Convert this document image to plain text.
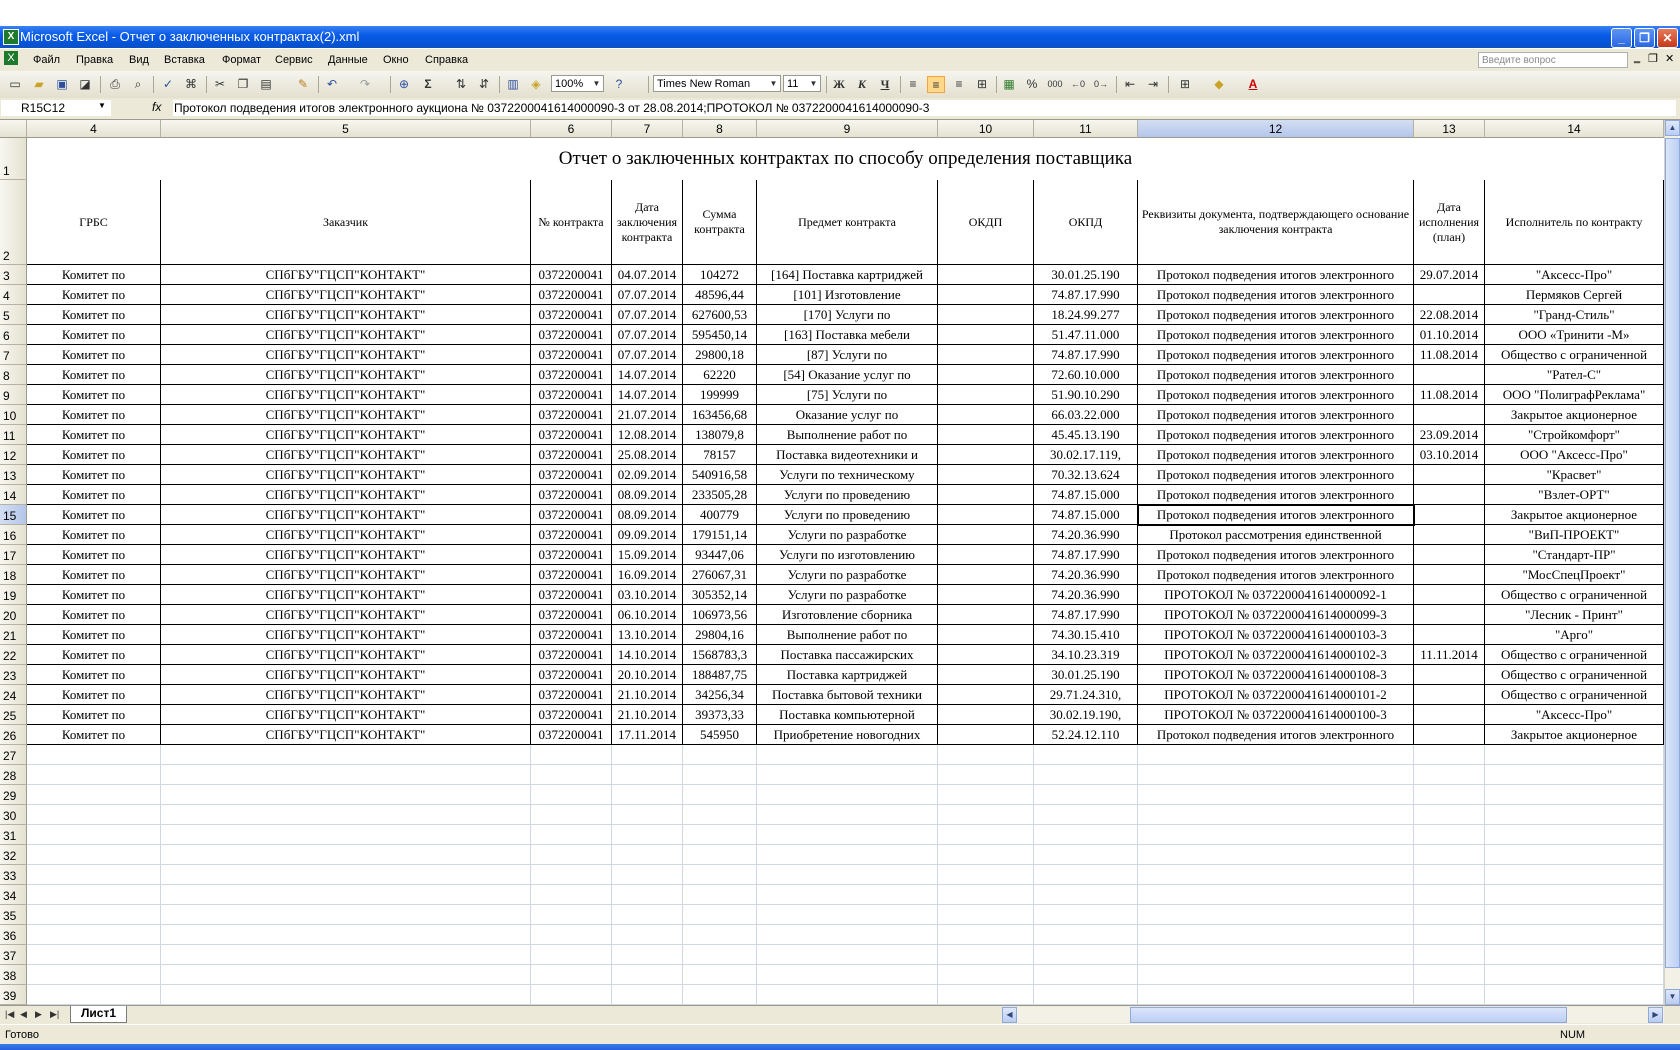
X Microsoft Excel - Отчет о заключенных контрактах(2).xml	_	❐	✕
X	Файл Правка Вид Вставка Формат Сервис Данные Окно Справка	Введите вопрос	‗ ❐ ✕
▭	▰	▣ ◪	⎙	⌕	✓ ⌘	✂	❐ ▤	✎	↶	↷	⊕	Σ	⇅	⇵	▥	◈	100% ▼	?	Times New Roman ▼ 11 ▼ Ж	К	Ч	≡	≡	≡	⊞	▦ %	000 ←0 0→	⇤	⇥	⊞	◆	A
R15C12	▼	fx Протокол подведения итогов электронного аукциона № 0372200041614000090-3 от 28.08.2014;ПРОТОКОЛ № 0372200041614000090-3
4	5	6	7	8	9	10	11	12	13	14
1
2
3
4
5
6
7
8
9
10
11
12
13
14
15
16
17
18
19
20
21
22
23
24
25
26
27
28
29
30
31
32
33
34
35
36
37
38
39
ГРБС	Заказчик	№ контракта
Дата заключения контракта
Сумма контракта
Предмет контракта	ОКДП	ОКПД
Реквизиты документа, подтверждающего основание заключения контракта
Дата исполнения (план)
Исполнитель по контракту
Комитет по	СПбГБУ"ГЦСП"КОНТАКТ"	0372200041	04.07.2014	104272	[164] Поставка картриджей	30.01.25.190	Протокол подведения итогов электронного	29.07.2014	"Аксесс-Про"
Комитет по	СПбГБУ"ГЦСП"КОНТАКТ"	0372200041	07.07.2014	48596,44	[101] Изготовление	74.87.17.990	Протокол подведения итогов электронного	Пермяков Сергей
Комитет по	СПбГБУ"ГЦСП"КОНТАКТ"	0372200041	07.07.2014	627600,53	[170] Услуги по	18.24.99.277	Протокол подведения итогов электронного	22.08.2014	"Гранд-Стиль"
Комитет по	СПбГБУ"ГЦСП"КОНТАКТ"	0372200041	07.07.2014	595450,14	[163] Поставка мебели	51.47.11.000	Протокол подведения итогов электронного	01.10.2014	ООО «Тринити -М»
Комитет по	СПбГБУ"ГЦСП"КОНТАКТ"	0372200041	07.07.2014	29800,18	[87] Услуги по	74.87.17.990	Протокол подведения итогов электронного	11.08.2014	Общество с ограниченной
Комитет по	СПбГБУ"ГЦСП"КОНТАКТ"	0372200041	14.07.2014	62220	[54] Оказание услуг по	72.60.10.000	Протокол подведения итогов электронного	"Рател-С"
Комитет по	СПбГБУ"ГЦСП"КОНТАКТ"	0372200041	14.07.2014	199999	[75] Услуги по	51.90.10.290	Протокол подведения итогов электронного	11.08.2014	ООО "ПолиграфРеклама"
Комитет по	СПбГБУ"ГЦСП"КОНТАКТ"	0372200041	21.07.2014	163456,68	Оказание услуг по	66.03.22.000	Протокол подведения итогов электронного	Закрытое акционерное
Комитет по	СПбГБУ"ГЦСП"КОНТАКТ"	0372200041	12.08.2014	138079,8	Выполнение работ по	45.45.13.190	Протокол подведения итогов электронного	23.09.2014	"Стройкомфорт"
Комитет по	СПбГБУ"ГЦСП"КОНТАКТ"	0372200041	25.08.2014	78157	Поставка видеотехники и	30.02.17.119,	Протокол подведения итогов электронного	03.10.2014	ООО "Аксесс-Про"
Комитет по	СПбГБУ"ГЦСП"КОНТАКТ"	0372200041	02.09.2014	540916,58	Услуги по техническому	70.32.13.624	Протокол подведения итогов электронного	"Красвет"
Комитет по	СПбГБУ"ГЦСП"КОНТАКТ"	0372200041	08.09.2014	233505,28	Услуги по проведению	74.87.15.000	Протокол подведения итогов электронного	"Взлет-ОРТ"
Комитет по	СПбГБУ"ГЦСП"КОНТАКТ"	0372200041	08.09.2014	400779	Услуги по проведению	74.87.15.000	Протокол подведения итогов электронного	Закрытое акционерное
Комитет по	СПбГБУ"ГЦСП"КОНТАКТ"	0372200041	09.09.2014	179151,14	Услуги по разработке	74.20.36.990	Протокол рассмотрения единственной	"ВиП-ПРОЕКТ"
Комитет по	СПбГБУ"ГЦСП"КОНТАКТ"	0372200041	15.09.2014	93447,06	Услуги по изготовлению	74.87.17.990	Протокол подведения итогов электронного	"Стандарт-ПР"
Комитет по	СПбГБУ"ГЦСП"КОНТАКТ"	0372200041	16.09.2014	276067,31	Услуги по разработке	74.20.36.990	Протокол подведения итогов электронного	"МосСпецПроект"
Комитет по	СПбГБУ"ГЦСП"КОНТАКТ"	0372200041	03.10.2014	305352,14	Услуги по разработке	74.20.36.990	ПРОТОКОЛ № 0372200041614000092-1	Общество с ограниченной
Комитет по	СПбГБУ"ГЦСП"КОНТАКТ"	0372200041	06.10.2014	106973,56	Изготовление сборника	74.87.17.990	ПРОТОКОЛ № 0372200041614000099-3	"Лесник - Принт"
Комитет по	СПбГБУ"ГЦСП"КОНТАКТ"	0372200041	13.10.2014	29804,16	Выполнение работ по	74.30.15.410	ПРОТОКОЛ № 0372200041614000103-3	"Арго"
Комитет по	СПбГБУ"ГЦСП"КОНТАКТ"	0372200041	14.10.2014	1568783,3	Поставка пассажирских	34.10.23.319	ПРОТОКОЛ № 0372200041614000102-3	11.11.2014	Общество с ограниченной
Комитет по	СПбГБУ"ГЦСП"КОНТАКТ"	0372200041	20.10.2014	188487,75	Поставка картриджей	30.01.25.190	ПРОТОКОЛ № 0372200041614000108-3	Общество с ограниченной
Комитет по	СПбГБУ"ГЦСП"КОНТАКТ"	0372200041	21.10.2014	34256,34	Поставка бытовой техники	29.71.24.310,	ПРОТОКОЛ № 0372200041614000101-2	Общество с ограниченной
Комитет по	СПбГБУ"ГЦСП"КОНТАКТ"	0372200041	21.10.2014	39373,33	Поставка компьютерной	30.02.19.190,	ПРОТОКОЛ № 0372200041614000100-3	"Аксесс-Про"
Комитет по	СПбГБУ"ГЦСП"КОНТАКТ"	0372200041	17.11.2014	545950	Приобретение новогодних	52.24.12.110	Протокол подведения итогов электронного	Закрытое акционерное
Отчет о заключенных контрактах по способу определения поставщика
▲
▼
|◀ ◀ ▶ ▶|	Лист1	◀	▶
Готово	NUM
